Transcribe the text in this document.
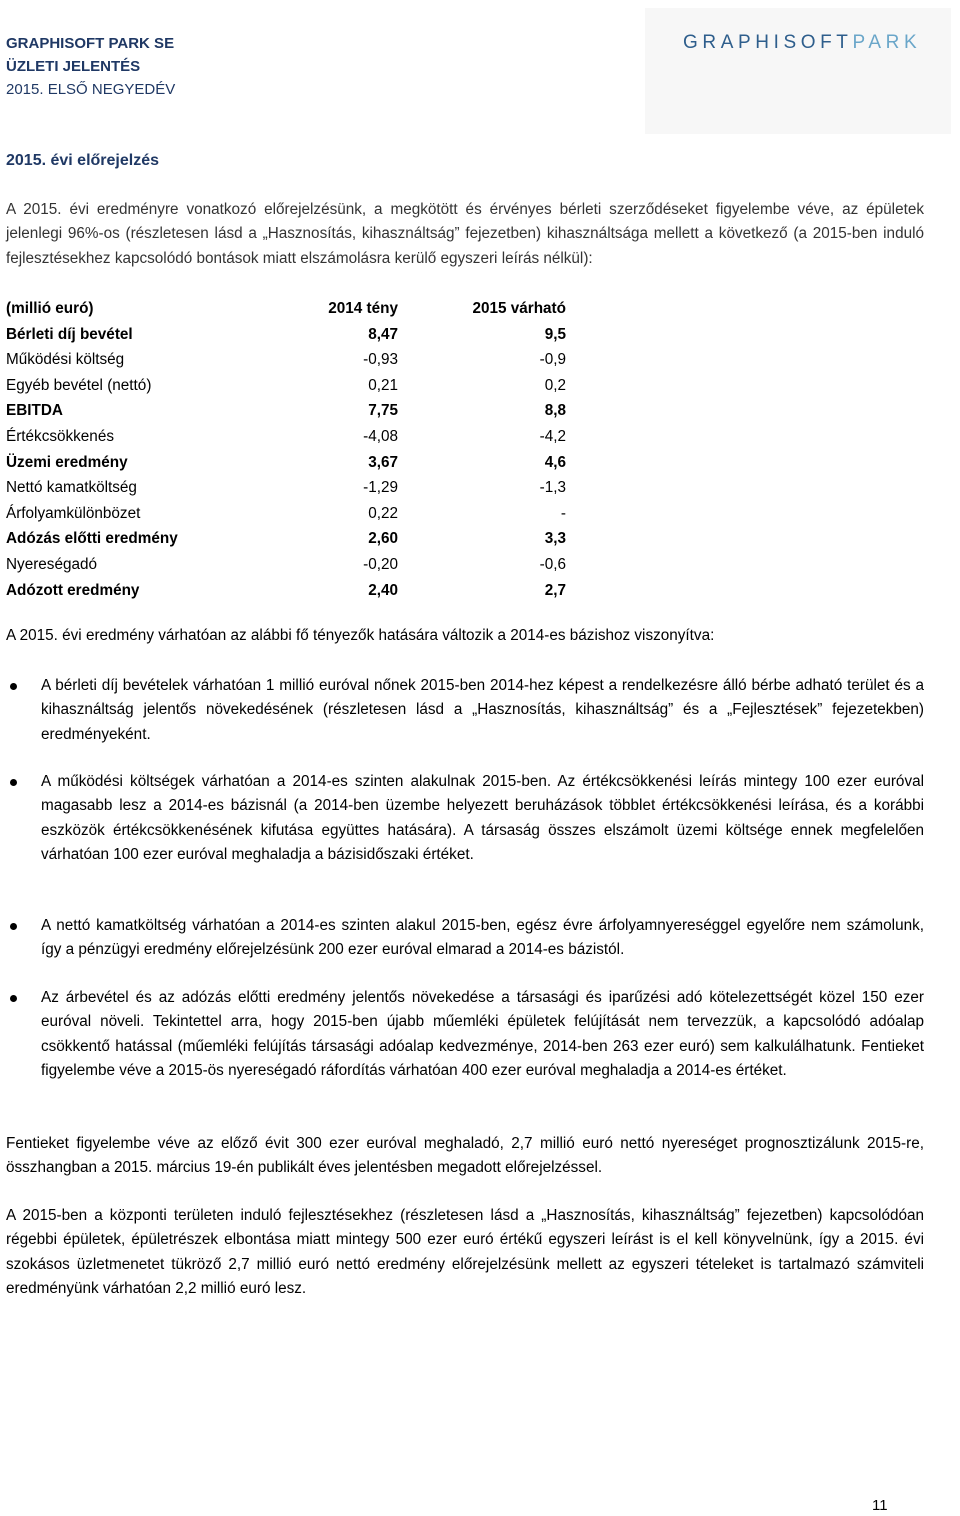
GRAPHISOFT PARK SE
ÜZLETI JELENTÉS
2015. ELSŐ NEGYEDÉV
GRAPHISOFTPARK
2015. évi előrejelzés
A 2015. évi eredményre vonatkozó előrejelzésünk, a megkötött és érvényes bérleti szerződéseket figyelembe véve, az épületek jelenlegi 96%-os (részletesen lásd a „Hasznosítás, kihasználtság” fejezetben) kihasználtsága mellett a következő (a 2015-ben induló fejlesztésekhez kapcsolódó bontások miatt elszámolásra kerülő egyszeri leírás nélkül):
(millió euró)	2014 tény	2015 várható
Bérleti díj bevétel	8,47	9,5
Működési költség	-0,93	-0,9
Egyéb bevétel (nettó)	0,21	0,2
EBITDA	7,75	8,8
Értékcsökkenés	-4,08	-4,2
Üzemi eredmény	3,67	4,6
Nettó kamatköltség	-1,29	-1,3
Árfolyamkülönbözet	0,22	-
Adózás előtti eredmény	2,60	3,3
Nyereségadó	-0,20	-0,6
Adózott eredmény	2,40	2,7
A 2015. évi eredmény várhatóan az alábbi fő tényezők hatására változik a 2014-es bázishoz viszonyítva:
A bérleti díj bevételek várhatóan 1 millió euróval nőnek 2015-ben 2014-hez képest a rendelkezésre álló bérbe adható terület és a kihasználtság jelentős növekedésének (részletesen lásd a „Hasznosítás, kihasználtság” és a „Fejlesztések” fejezetekben) eredményeként.
A működési költségek várhatóan a 2014-es szinten alakulnak 2015-ben. Az értékcsökkenési leírás mintegy 100 ezer euróval magasabb lesz a 2014-es bázisnál (a 2014-ben üzembe helyezett beruházások többlet értékcsökkenési leírása, és a korábbi eszközök értékcsökkenésének kifutása együttes hatására). A társaság összes elszámolt üzemi költsége ennek megfelelően várhatóan 100 ezer euróval meghaladja a bázisidőszaki értéket.
A nettó kamatköltség várhatóan a 2014-es szinten alakul 2015-ben, egész évre árfolyamnyereséggel egyelőre nem számolunk, így a pénzügyi eredmény előrejelzésünk 200 ezer euróval elmarad a 2014-es bázistól.
Az árbevétel és az adózás előtti eredmény jelentős növekedése a társasági és iparűzési adó kötelezettségét közel 150 ezer euróval növeli. Tekintettel arra, hogy 2015-ben újabb műemléki épületek felújítását nem tervezzük, a kapcsolódó adóalap csökkentő hatással (műemléki felújítás társasági adóalap kedvezménye, 2014-ben 263 ezer euró) sem kalkulálhatunk. Fentieket figyelembe véve a 2015-ös nyereségadó ráfordítás várhatóan 400 ezer euróval meghaladja a 2014-es értéket.
Fentieket figyelembe véve az előző évit 300 ezer euróval meghaladó, 2,7 millió euró nettó nyereséget prognosztizálunk 2015-re, összhangban a 2015. március 19-én publikált éves jelentésben megadott előrejelzéssel.
A 2015-ben a központi területen induló fejlesztésekhez (részletesen lásd a „Hasznosítás, kihasználtság” fejezetben) kapcsolódóan régebbi épületek, épületrészek elbontása miatt mintegy 500 ezer euró értékű egyszeri leírást is el kell könyvelnünk, így a 2015. évi szokásos üzletmenetet tükröző 2,7 millió euró nettó eredmény előrejelzésünk mellett az egyszeri tételeket is tartalmazó számviteli eredményünk várhatóan 2,2 millió euró lesz.
11
